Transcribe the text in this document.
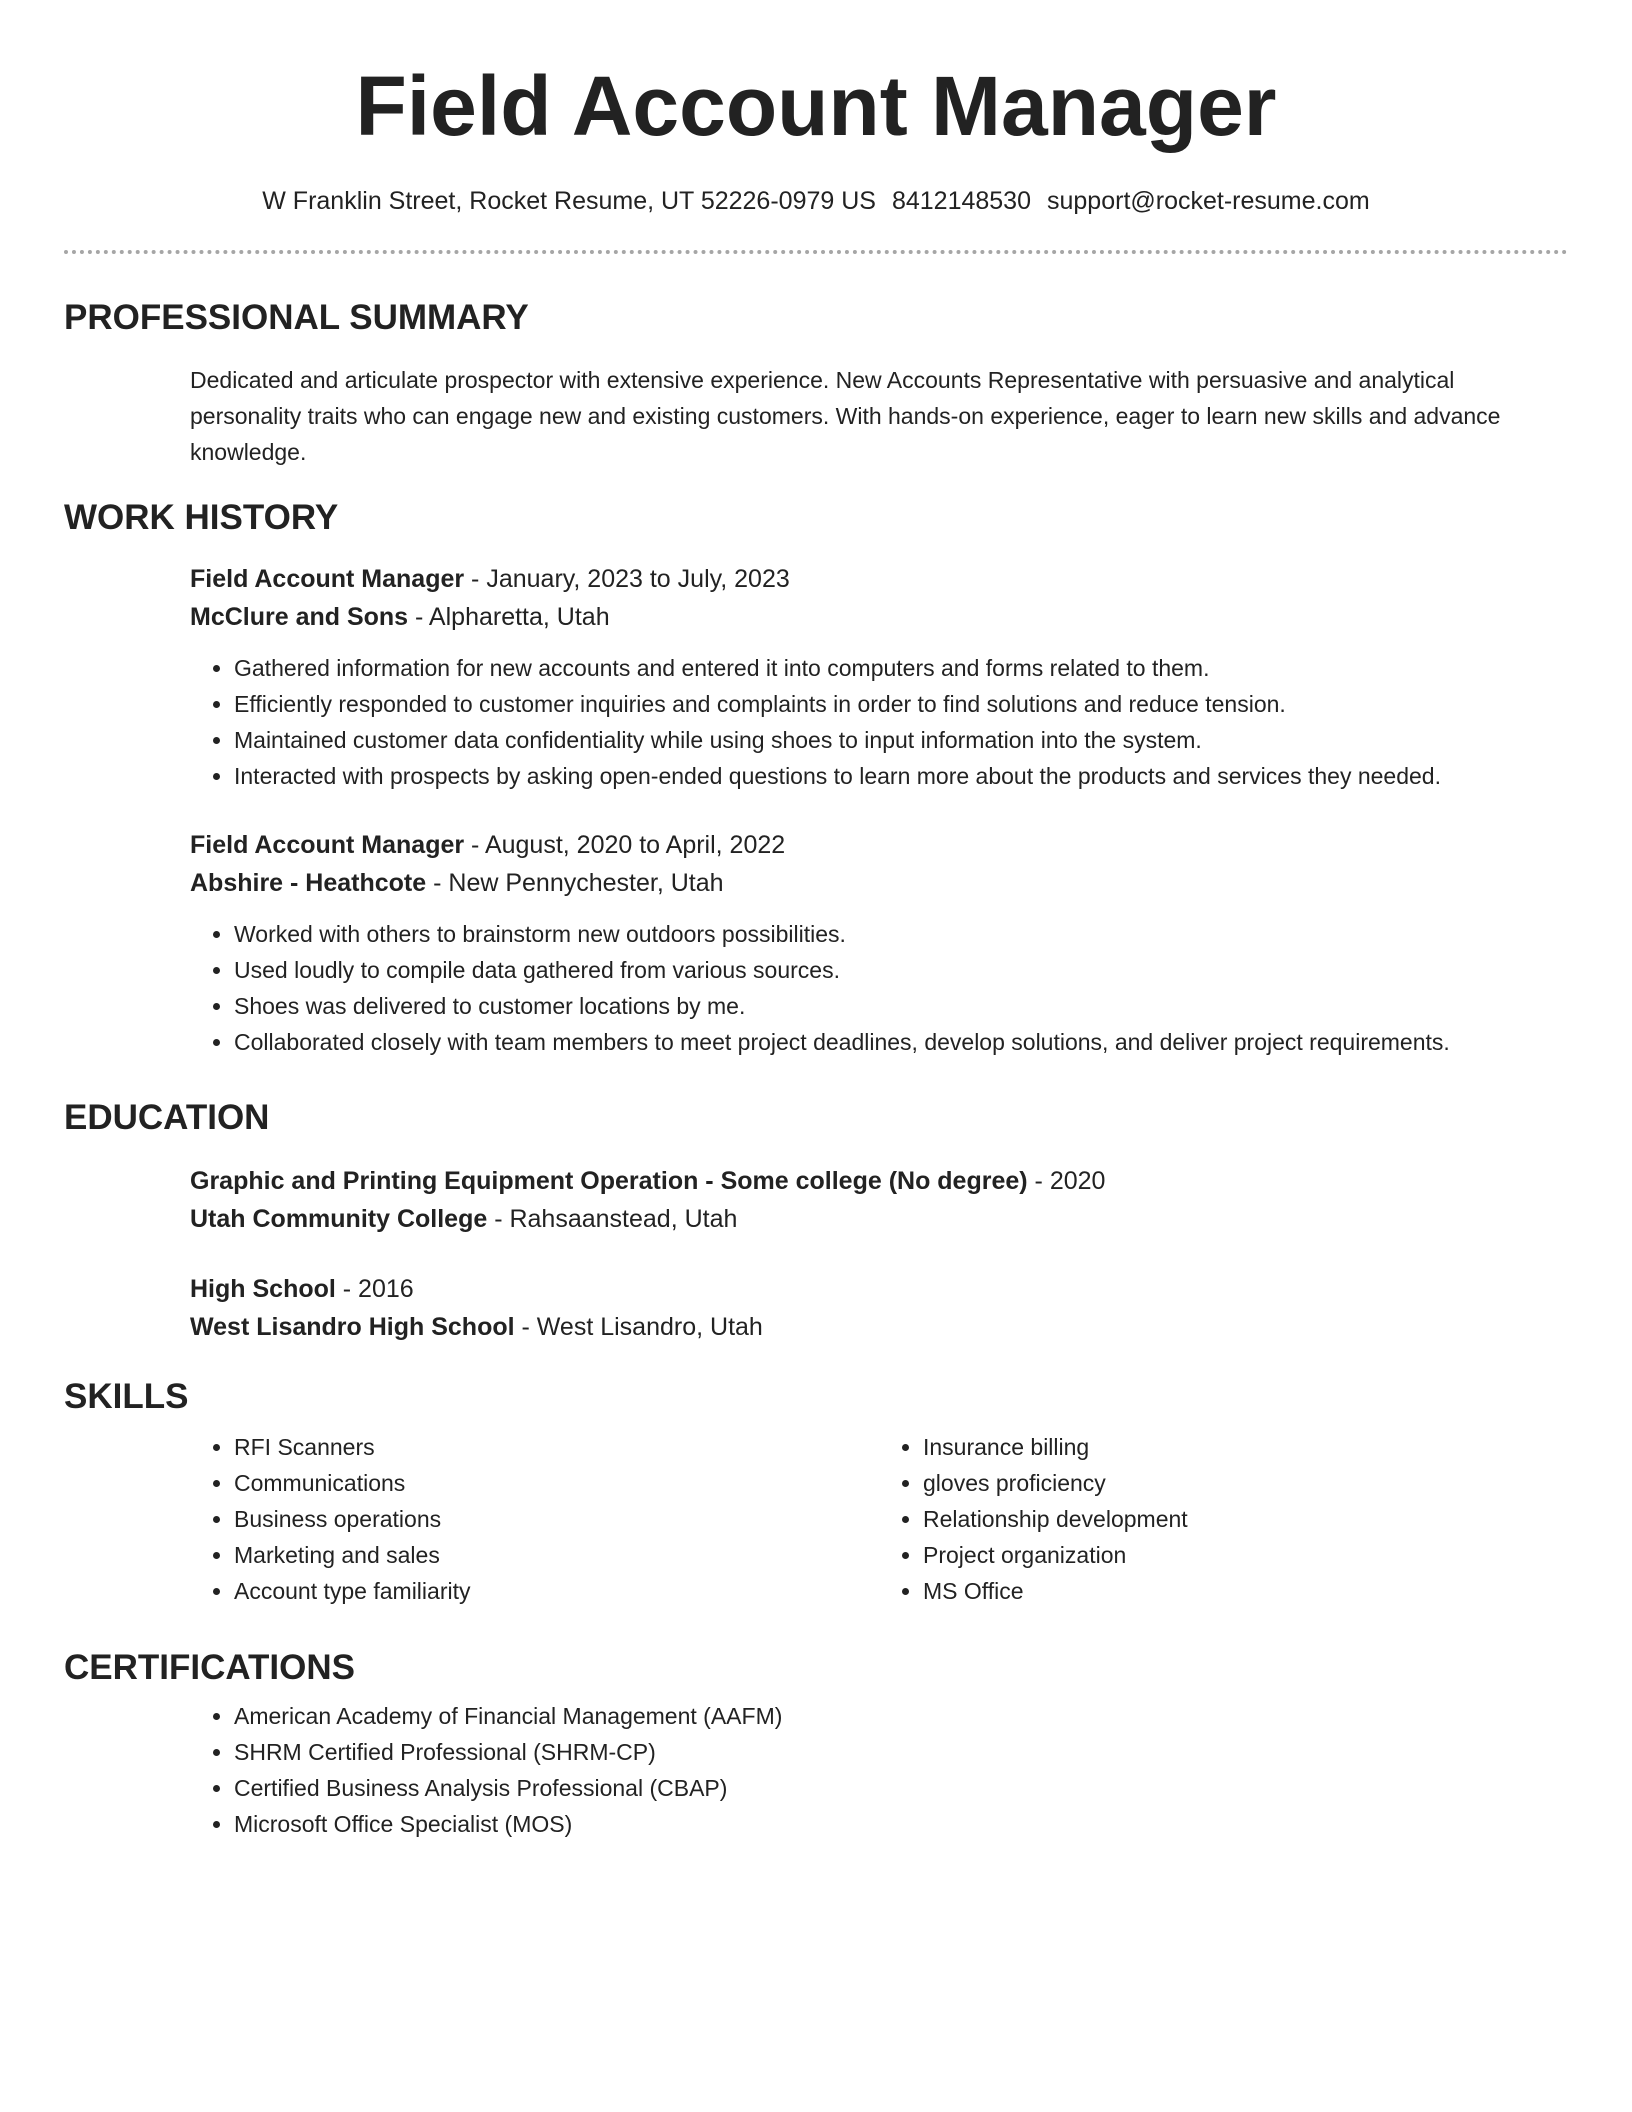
Field Account Manager
W Franklin Street, Rocket Resume, UT 52226-0979 US 8412148530 support@rocket-resume.com
PROFESSIONAL SUMMARY
Dedicated and articulate prospector with extensive experience. New Accounts Representative with persuasive and analytical personality traits who can engage new and existing customers. With hands-on experience, eager to learn new skills and advance knowledge.
WORK HISTORY
Field Account Manager - January, 2023 to July, 2023
McClure and Sons - Alpharetta, Utah
• Gathered information for new accounts and entered it into computers and forms related to them.
• Efficiently responded to customer inquiries and complaints in order to find solutions and reduce tension.
• Maintained customer data confidentiality while using shoes to input information into the system.
• Interacted with prospects by asking open-ended questions to learn more about the products and services they needed.
Field Account Manager - August, 2020 to April, 2022
Abshire - Heathcote - New Pennychester, Utah
• Worked with others to brainstorm new outdoors possibilities.
• Used loudly to compile data gathered from various sources.
• Shoes was delivered to customer locations by me.
• Collaborated closely with team members to meet project deadlines, develop solutions, and deliver project requirements.
EDUCATION
Graphic and Printing Equipment Operation - Some college (No degree) - 2020
Utah Community College - Rahsaanstead, Utah
High School - 2016
West Lisandro High School - West Lisandro, Utah
SKILLS
• RFI Scanners
• Communications
• Business operations
• Marketing and sales
• Account type familiarity
• Insurance billing
• gloves proficiency
• Relationship development
• Project organization
• MS Office
CERTIFICATIONS
• American Academy of Financial Management (AAFM)
• SHRM Certified Professional (SHRM-CP)
• Certified Business Analysis Professional (CBAP)
• Microsoft Office Specialist (MOS)
